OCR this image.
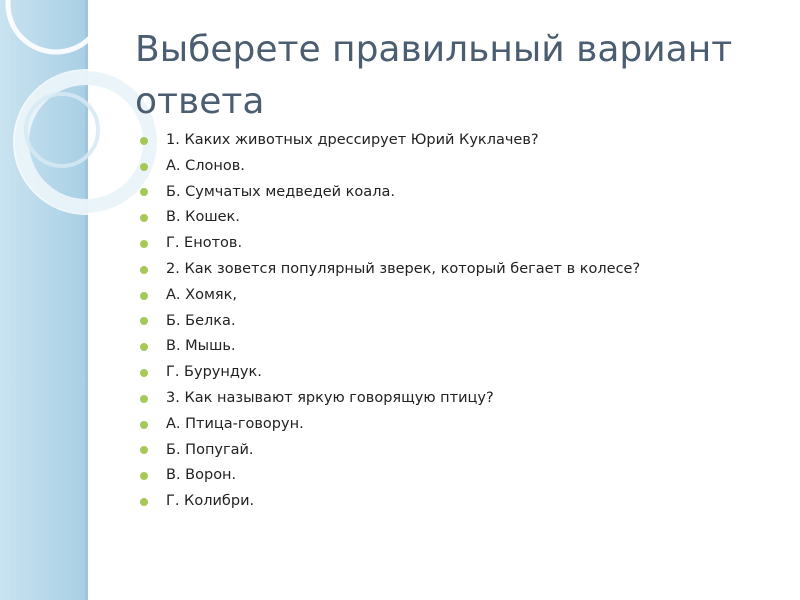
Выберете правильный вариант ответа
1. Каких животных дрессирует Юрий Куклачев?
А. Слонов.
Б. Сумчатых медведей коала.
В. Кошек.
Г. Енотов.
2. Как зовется популярный зверек, который бегает в колесе?
А. Хомяк,
Б. Белка.
В. Мышь.
Г. Бурундук.
3. Как называют яркую говорящую птицу?
А. Птица-говорун.
Б. Попугай.
В. Ворон.
Г. Колибри.
